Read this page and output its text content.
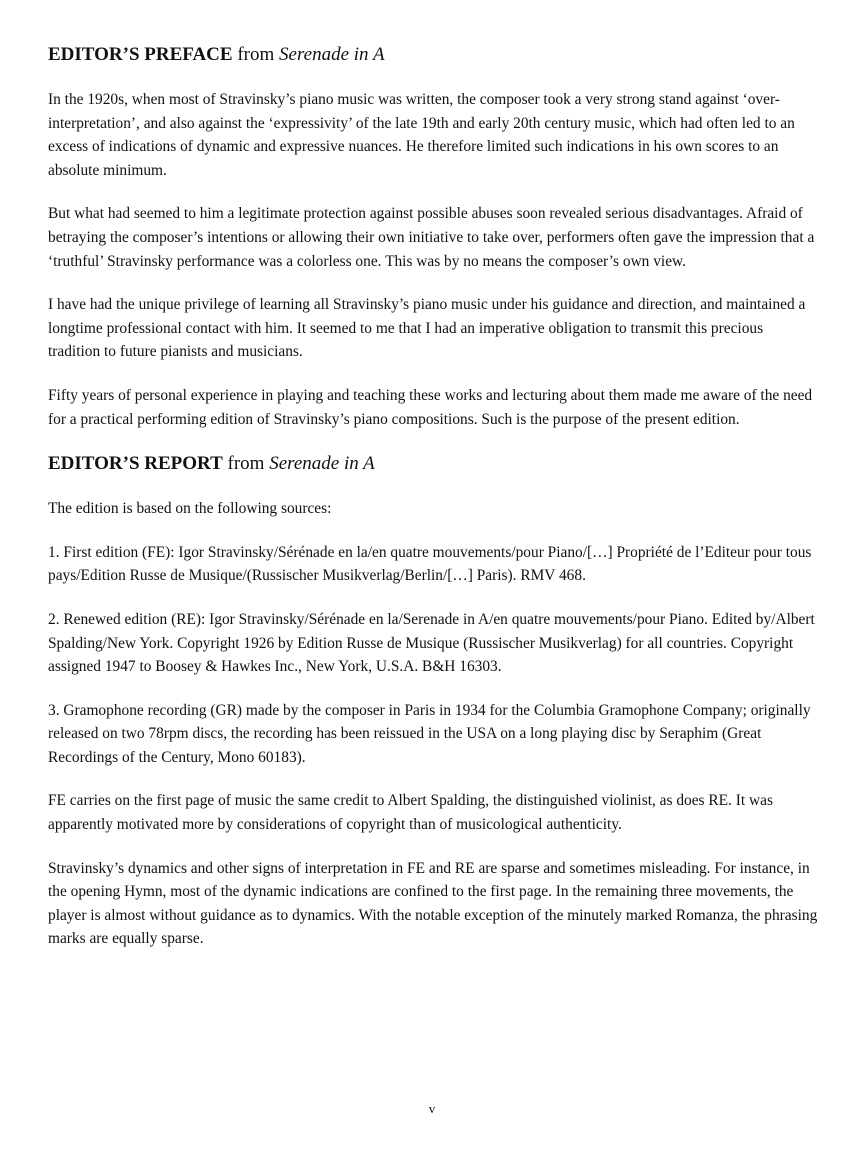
EDITOR’S PREFACE from Serenade in A

In the 1920s, when most of Stravinsky’s piano music was written, the composer took a very strong stand against ‘over-interpretation’, and also against the ‘expressivity’ of the late 19th and early 20th century music, which had often led to an excess of indications of dynamic and expressive nuances. He therefore limited such indications in his own scores to an absolute minimum.

But what had seemed to him a legitimate protection against possible abuses soon revealed serious disadvantages. Afraid of betraying the composer’s intentions or allowing their own initiative to take over, performers often gave the impression that a ‘truthful’ Stravinsky performance was a colorless one. This was by no means the composer’s own view.

I have had the unique privilege of learning all Stravinsky’s piano music under his guidance and direction, and maintained a longtime professional contact with him. It seemed to me that I had an imperative obligation to transmit this precious tradition to future pianists and musicians.

Fifty years of personal experience in playing and teaching these works and lecturing about them made me aware of the need for a practical performing edition of Stravinsky’s piano compositions. Such is the purpose of the present edition.

EDITOR’S REPORT from Serenade in A

The edition is based on the following sources:

1. First edition (FE): Igor Stravinsky/Sérénade en la/en quatre mouvements/pour Piano/[…] Propriété de l’Editeur pour tous pays/Edition Russe de Musique/(Russischer Musikverlag/Berlin/[…] Paris). RMV 468.

2. Renewed edition (RE): Igor Stravinsky/Sérénade en la/Serenade in A/en quatre mouvements/pour Piano. Edited by/Albert Spalding/New York. Copyright 1926 by Edition Russe de Musique (Russischer Musikverlag) for all countries. Copyright assigned 1947 to Boosey & Hawkes Inc., New York, U.S.A. B&H 16303.

3. Gramophone recording (GR) made by the composer in Paris in 1934 for the Columbia Gramophone Company; originally released on two 78rpm discs, the recording has been reissued in the USA on a long playing disc by Seraphim (Great Recordings of the Century, Mono 60183).

FE carries on the first page of music the same credit to Albert Spalding, the distinguished violinist, as does RE. It was apparently motivated more by considerations of copyright than of musicological authenticity.

Stravinsky’s dynamics and other signs of interpretation in FE and RE are sparse and sometimes misleading. For instance, in the opening Hymn, most of the dynamic indications are confined to the first page. In the remaining three movements, the player is almost without guidance as to dynamics. With the notable exception of the minutely marked Romanza, the phrasing marks are equally sparse.

v
